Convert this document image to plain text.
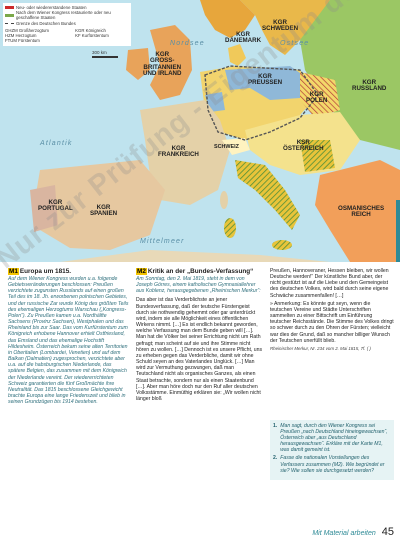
Neu- oder wiedererstandene Staaten
Nach dem Wiener Kongress restaurierte oder neu geschaffene Staaten
Grenze des Deutschen Bundes
GHZM Großherzogtum	KGR Königreich
HZM Herzogtum	KF Kurfürstentum
FTUM Fürstentum
300 km
Nordsee	Ostsee
Atlantik
Mittelmeer
KGR
DÄNEMARK
KGR
SCHWEDEN
KGR
GROSS-
BRITANNIEN
UND IRLAND	KGR
PREUSSEN	KGR
RUSSLAND
KGR
POLEN
KGR
FRANKREICH
SCHWEIZ
KSR
ÖSTERREICH
KGR
PORTUGAL	KGR
SPANIEN
OSMANISCHES
REICH
M1 Europa um 1815.
Auf dem Wiener Kongress wurden u.a. folgende Gebietsveränderungen beschlossen: Preußen verzichtete zugunsten Russlands auf einen großen Teil des im 18. Jh. erworbenen polnischen Gebietes, und der russische Zar wurde König des größten Teils des ehemaligen Herzogtums Warschau („Kongress-Polen“). Zu Preußen kamen u.a. Nordhälfte Sachsens (Provinz Sachsen), Westphalen und das Rheinland bis zur Saar. Das vom Kurfürstentum zum Königreich erhobene Hannover erhielt Ostfriesland, das Emsland und das ehemalige Hochstift Hildesheim. Österreich bekam seine alten Territorien in Oberitalien (Lombardei, Venetien) und auf dem Balkan (Dalmatien) zugesprochen, verzichtete aber u.a. auf die habsburgischen Niederlande, das spätere Belgien, das zusammen mit dem Königreich der Niederlande vereint. Der wiedererrichteten Schweiz garantierten die fünf Großmächte ihre Neutralität. Das 1815 beschlossene Gleichgewicht brachte Europa eine lange Friedenszeit und blieb in seinen Grundzügen bis 1914 bestehen.
M2 Kritik an der „Bundes-Verfassung“
Am Sonntag, den 2. Mai 1819, steht in dem von Joseph Görres, einem katholischen Gymnasiallehrer aus Koblenz, herausgegebenen „Rheinischen Merkur“:
Das aber ist das Verderblichste an jener Bundesverfassung, daß der teutsche Fürstengeist durch sie nothwendig gehemmt oder gar unterdrückt wird, indem sie alle Möglichkeit eines öffentlichen Wirkens nimmt. […] Es ist endlich bekannt geworden, welche Verfassung man dem Bunde geben will […]. Man hat die Völker bei seiner Errichtung nicht um Rath gefragt; man scheint auf sie und ihre Stimme nicht hören zu wollen. […] Dennoch ist es unsere Pflicht, uns zu erheben gegen das Verderbliche, damit wir ohne Schuld seyen an des Vaterlandes Unglück. […] Man wird zur Vermuthung gezwungen, daß man Teutschland nicht als organisches Ganzes, als einen Staat betrachte, sondern nur als einen Staatenbund […]. Aber man höre doch nur den Ruf aller deutschen Volksstämme. Einmüthig erklären sie: „Wir wollen nicht länger bloß
Preußen, Hannoveraner, Hessen bleiben, wir wollen Deutsche werden!“ Der künstliche Bund aber, der nicht gestützt ist auf die Liebe und den Gemeingeist des deutschen Volkes, wird bald durch seine eigene Schwäche zusammenfallen! […]
» Anmerkung: Es könnte gut seyn, wenn die teutschen Vereine und Städte Unterschriften sammelten zu einer Bittschrift um Einführung teutscher Reichsstände. Die Stimme des Volkes dringt so schwer durch zu den Ohren der Fürsten; vielleicht war dies der Grund, daß so mancher billiger Wunsch der Teutschen unerfüllt blieb.
Rheinischer Merkur, Nr. 234 vom 2. Mai 1815, 7f. ( )
1. Man sagt, durch den Wiener Kongress sei Preußen „nach Deutschland hineingewachsen“, Österreich aber „aus Deutschland herausgewachsen“. Erkläre mit der Karte M1, was damit gemeint ist.
2. Fasse die nationalen Vorstellungen des Verfassers zusammen (M2). Wie begründet er sie? Wie sollen sie durchgesetzt werden?
Nur zur Prüfung - Eigentum
Mit Material arbeiten 45
